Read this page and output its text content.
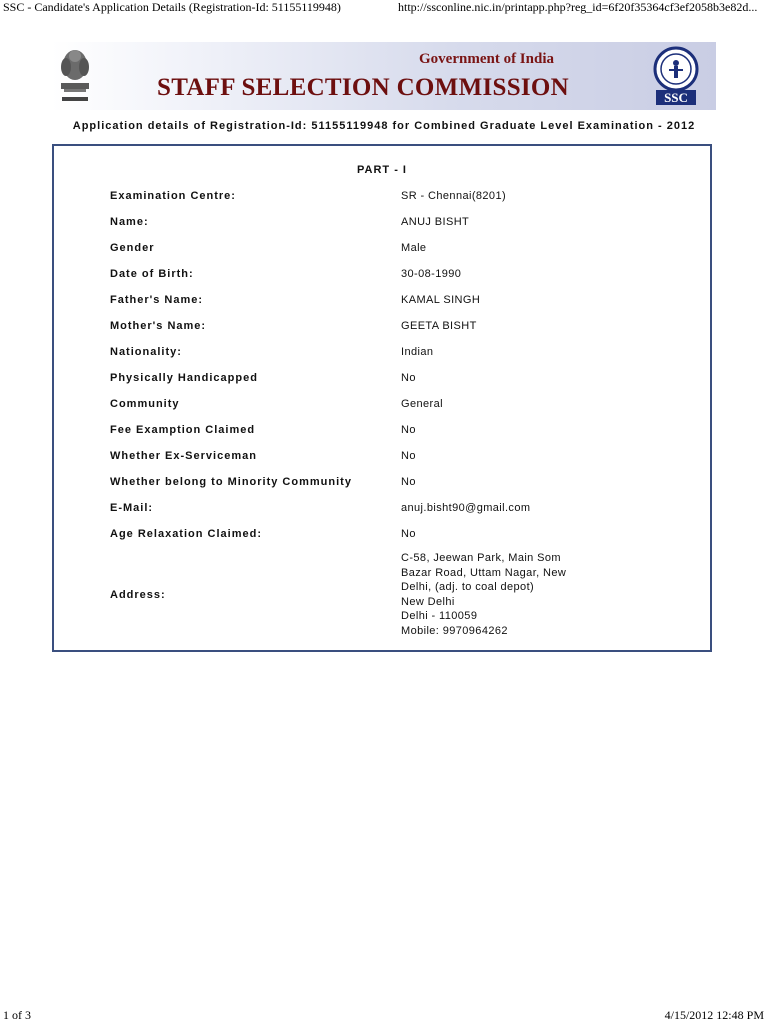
SSC - Candidate's Application Details (Registration-Id: 51155119948)	http://ssconline.nic.in/printapp.php?reg_id=6f20f35364cf3ef2058b3e82d...
Government of India
STAFF SELECTION COMMISSION	SSC
Application details of Registration-Id: 51155119948 for Combined Graduate Level Examination - 2012
PART - I
Examination Centre:	SR - Chennai(8201)
Name:	ANUJ BISHT
Gender	Male
Date of Birth:	30-08-1990
Father's Name:	KAMAL SINGH
Mother's Name:	GEETA BISHT
Nationality:	Indian
Physically Handicapped	No
Community	General
Fee Examption Claimed	No
Whether Ex-Serviceman	No
Whether belong to Minority Community	No
E-Mail:	anuj.bisht90@gmail.com
Age Relaxation Claimed:	No
Address:
C-58, Jeewan Park, Main Som
Bazar Road, Uttam Nagar, New
Delhi, (adj. to coal depot)
New Delhi
Delhi - 110059
Mobile: 9970964262
1 of 3	4/15/2012 12:48 PM
